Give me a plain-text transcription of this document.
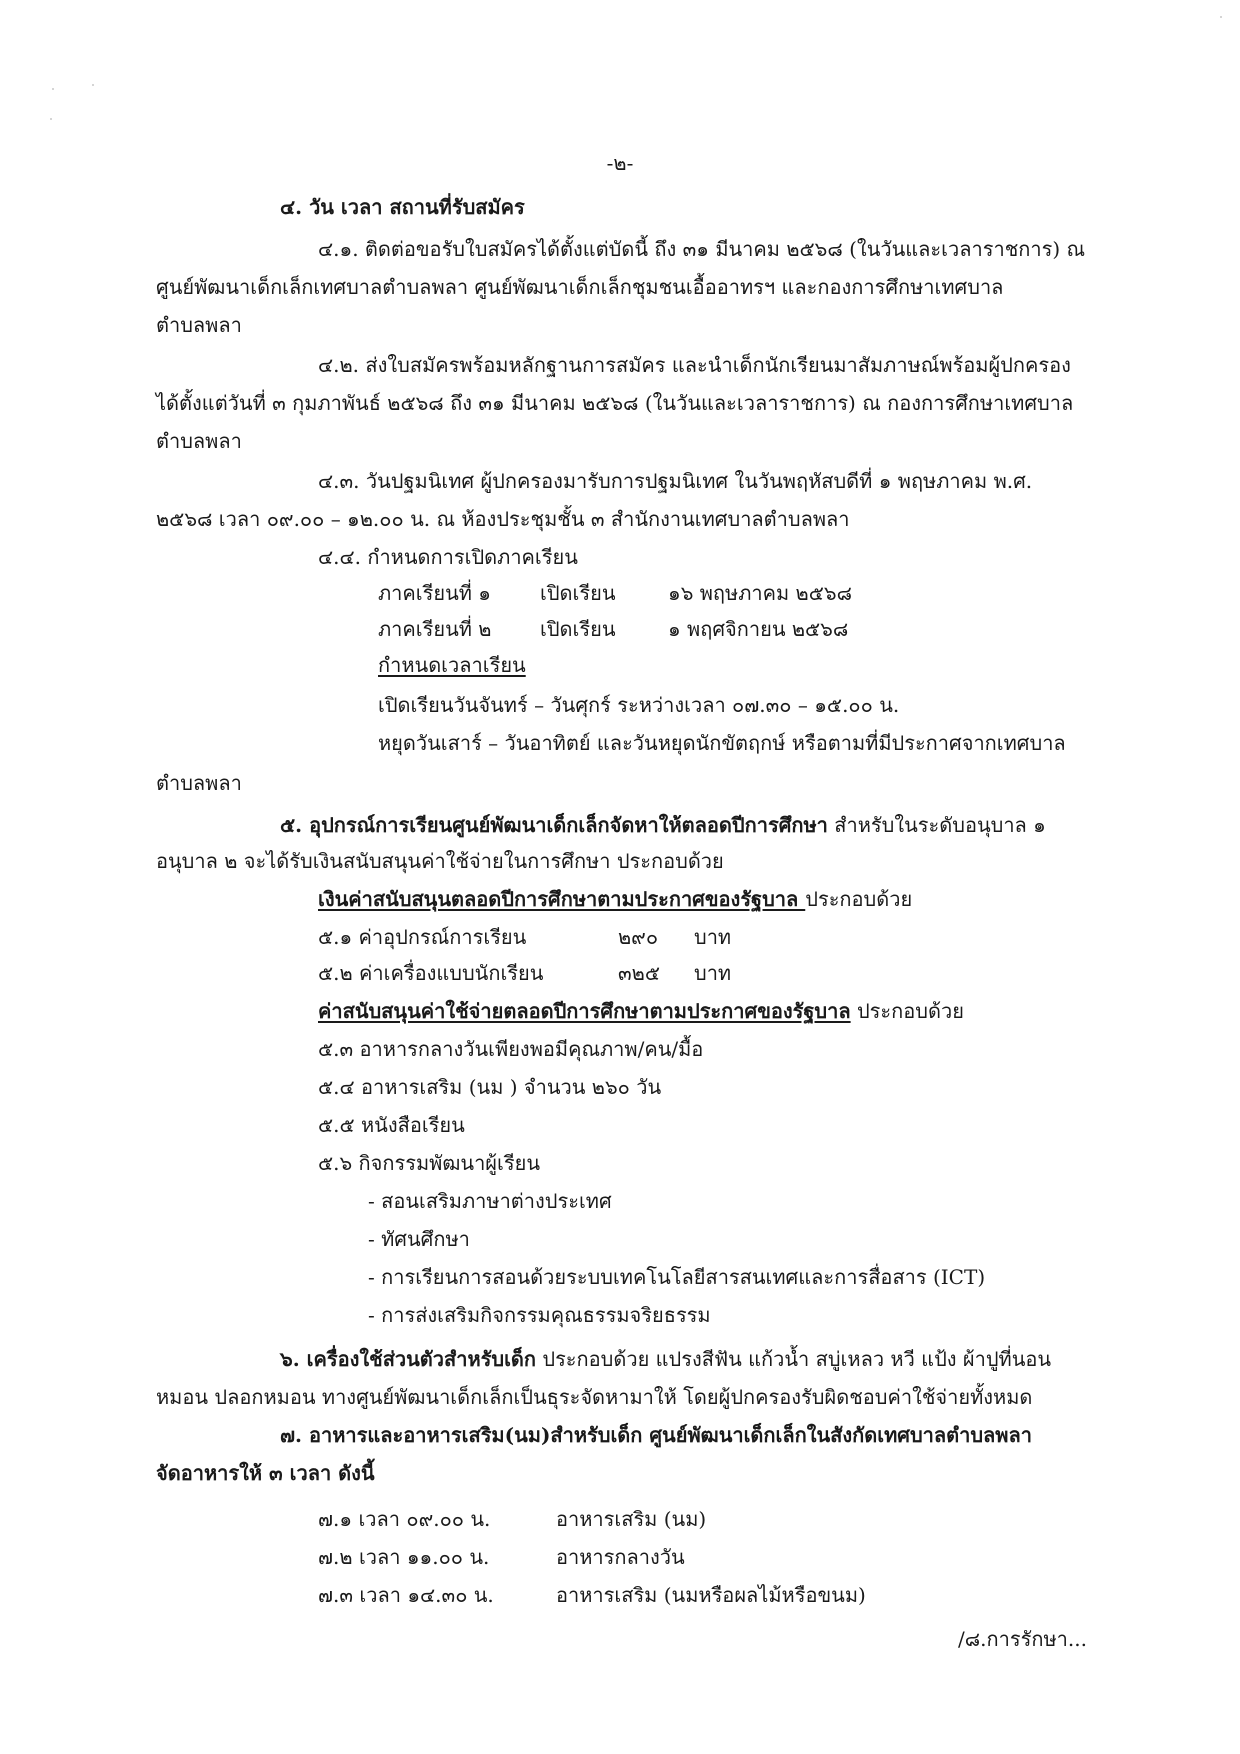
-๒-
๔. วัน เวลา สถานที่รับสมัคร
๔.๑. ติดต่อขอรับใบสมัครได้ตั้งแต่บัดนี้ ถึง ๓๑ มีนาคม ๒๕๖๘ (ในวันและเวลาราชการ) ณ
ศูนย์พัฒนาเด็กเล็กเทศบาลตำบลพลา ศูนย์พัฒนาเด็กเล็กชุมชนเอื้ออาทรฯ และกองการศึกษาเทศบาล
ตำบลพลา
๔.๒. ส่งใบสมัครพร้อมหลักฐานการสมัคร และนำเด็กนักเรียนมาสัมภาษณ์พร้อมผู้ปกครอง
ได้ตั้งแต่วันที่ ๓ กุมภาพันธ์ ๒๕๖๘ ถึง ๓๑ มีนาคม ๒๕๖๘ (ในวันและเวลาราชการ) ณ กองการศึกษาเทศบาล
ตำบลพลา
๔.๓. วันปฐมนิเทศ ผู้ปกครองมารับการปฐมนิเทศ ในวันพฤหัสบดีที่ ๑ พฤษภาคม พ.ศ.
๒๕๖๘ เวลา ๐๙.๐๐ – ๑๒.๐๐ น. ณ ห้องประชุมชั้น ๓ สำนักงานเทศบาลตำบลพลา
๔.๔. กำหนดการเปิดภาคเรียน
ภาคเรียนที่ ๑ เปิดเรียน	๑๖ พฤษภาคม ๒๕๖๘
ภาคเรียนที่ ๒ เปิดเรียน	๑ พฤศจิกายน ๒๕๖๘
กำหนดเวลาเรียน
เปิดเรียนวันจันทร์ – วันศุกร์ ระหว่างเวลา ๐๗.๓๐ – ๑๕.๐๐ น.
หยุดวันเสาร์ – วันอาทิตย์ และวันหยุดนักขัตฤกษ์ หรือตามที่มีประกาศจากเทศบาล
ตำบลพลา
๕. อุปกรณ์การเรียนศูนย์พัฒนาเด็กเล็กจัดหาให้ตลอดปีการศึกษา สำหรับในระดับอนุบาล ๑
อนุบาล ๒ จะได้รับเงินสนับสนุนค่าใช้จ่ายในการศึกษา ประกอบด้วย
เงินค่าสนับสนุนตลอดปีการศึกษาตามประกาศของรัฐบาล ประกอบด้วย
๕.๑ ค่าอุปกรณ์การเรียน	๒๙๐ บาท
๕.๒ ค่าเครื่องแบบนักเรียน	๓๒๕ บาท
ค่าสนับสนุนค่าใช้จ่ายตลอดปีการศึกษาตามประกาศของรัฐบาล ประกอบด้วย
๕.๓ อาหารกลางวันเพียงพอมีคุณภาพ/คน/มื้อ
๕.๔ อาหารเสริม (นม ) จำนวน ๒๖๐ วัน
๕.๕ หนังสือเรียน
๕.๖ กิจกรรมพัฒนาผู้เรียน
- สอนเสริมภาษาต่างประเทศ
- ทัศนศึกษา
- การเรียนการสอนด้วยระบบเทคโนโลยีสารสนเทศและการสื่อสาร (ICT)
- การส่งเสริมกิจกรรมคุณธรรมจริยธรรม
๖. เครื่องใช้ส่วนตัวสำหรับเด็ก ประกอบด้วย แปรงสีฟัน แก้วน้ำ สบู่เหลว หวี แป้ง ผ้าปูที่นอน
หมอน ปลอกหมอน ทางศูนย์พัฒนาเด็กเล็กเป็นธุระจัดหามาให้ โดยผู้ปกครองรับผิดชอบค่าใช้จ่ายทั้งหมด
๗. อาหารและอาหารเสริม(นม)สำหรับเด็ก ศูนย์พัฒนาเด็กเล็กในสังกัดเทศบาลตำบลพลา
จัดอาหารให้ ๓ เวลา ดังนี้
๗.๑ เวลา ๐๙.๐๐ น.	อาหารเสริม (นม)
๗.๒ เวลา ๑๑.๐๐ น.	อาหารกลางวัน
๗.๓ เวลา ๑๔.๓๐ น.	อาหารเสริม (นมหรือผลไม้หรือขนม)
/๘.การรักษา...
